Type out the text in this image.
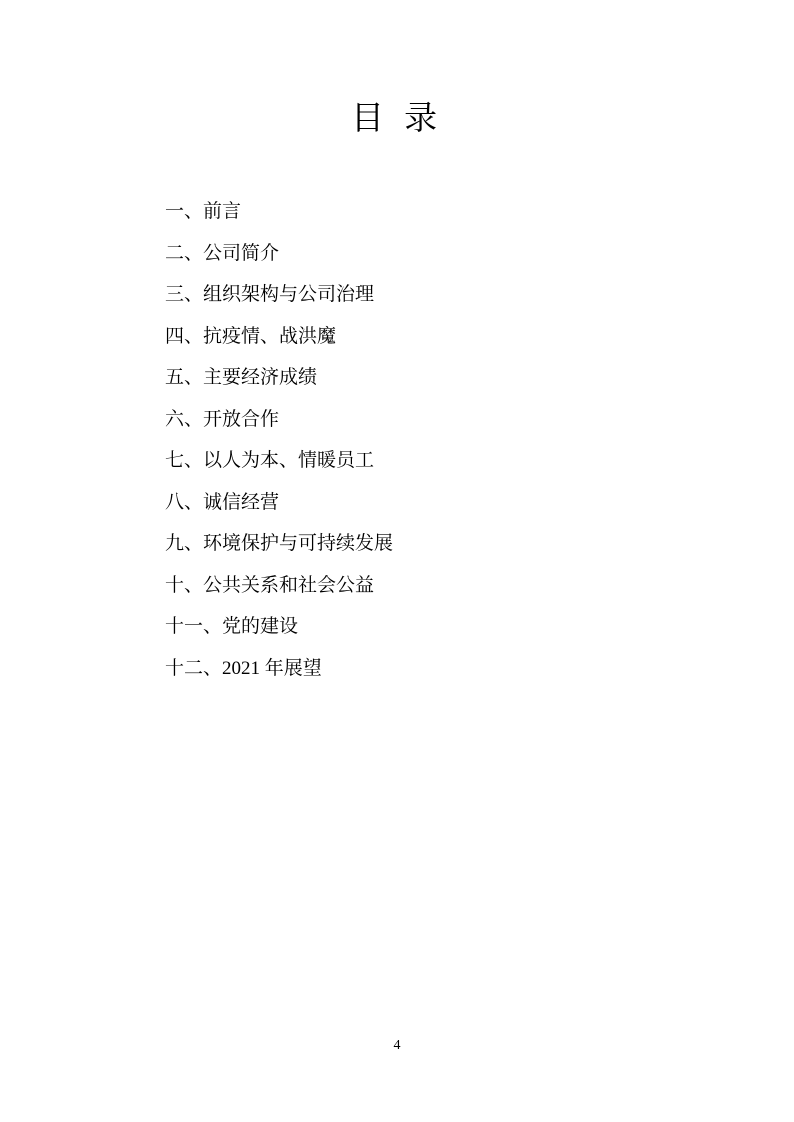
目 录
一、前言
二、公司简介
三、组织架构与公司治理
四、抗疫情、战洪魔
五、主要经济成绩
六、开放合作
七、以人为本、情暖员工
八、诚信经营
九、环境保护与可持续发展
十、公共关系和社会公益
十一、党的建设
十二、2021 年展望
4
